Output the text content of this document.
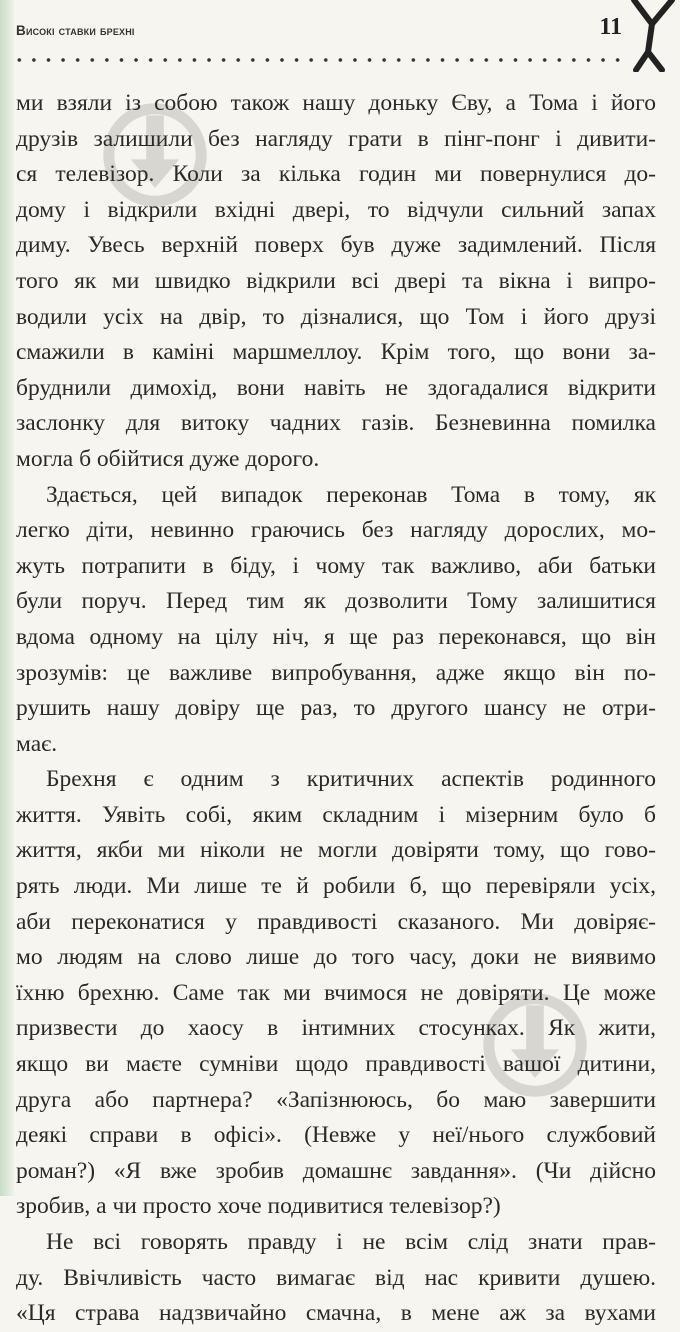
Високі ставки брехні	11
ми взяли із собою також нашу доньку Єву, а Тома і його
друзів залишили без нагляду грати в пінг-понг і дивити-
ся телевізор. Коли за кілька годин ми повернулися до-
дому і відкрили вхідні двері, то відчули сильний запах
диму. Увесь верхній поверх був дуже задимлений. Після
того як ми швидко відкрили всі двері та вікна і випро-
водили усіх на двір, то дізналися, що Том і його друзі
смажили в каміні маршмеллоу. Крім того, що вони за-
бруднили димохід, вони навіть не здогадалися відкрити
заслонку для витоку чадних газів. Безневинна помилка
могла б обійтися дуже дорого.
Здається, цей випадок переконав Тома в тому, як
легко діти, невинно граючись без нагляду дорослих, мо-
жуть потрапити в біду, і чому так важливо, аби батьки
були поруч. Перед тим як дозволити Тому залишитися
вдома одному на цілу ніч, я ще раз переконався, що він
зрозумів: це важливе випробування, адже якщо він по-
рушить нашу довіру ще раз, то другого шансу не отри-
має.
Брехня є одним з критичних аспектів родинного
життя. Уявіть собі, яким складним і мізерним було б
життя, якби ми ніколи не могли довіряти тому, що гово-
рять люди. Ми лише те й робили б, що перевіряли усіх,
аби переконатися у правдивості сказаного. Ми довіряє-
мо людям на слово лише до того часу, доки не виявимо
їхню брехню. Саме так ми вчимося не довіряти. Це може
призвести до хаосу в інтимних стосунках. Як жити,
якщо ви маєте сумніви щодо правдивості вашої дитини,
друга або партнера? «Запізнююсь, бо маю завершити
деякі справи в офісі». (Невже у неї/нього службовий
роман?) «Я вже зробив домашнє завдання». (Чи дійсно
зробив, а чи просто хоче подивитися телевізор?)
Не всі говорять правду і не всім слід знати прав-
ду. Ввічливість часто вимагає від нас кривити душею.
«Ця страва надзвичайно смачна, в мене аж за вухами
